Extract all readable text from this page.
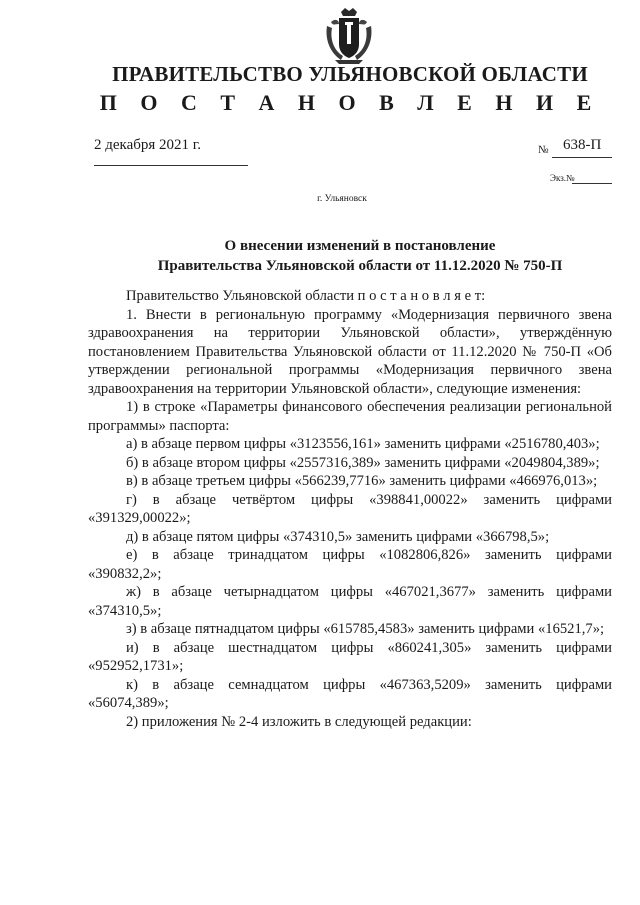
ПРАВИТЕЛЬСТВО УЛЬЯНОВСКОЙ ОБЛАСТИ
П О С Т А Н О В Л Е Н И Е
2 декабря 2021 г.	№ 638-П
Экз.№
г. Ульяновск
О внесении изменений в постановление
Правительства Ульяновской области от 11.12.2020 № 750-П

Правительство Ульяновской области п о с т а н о в л я е т:

1. Внести в региональную программу «Модернизация первичного звена здравоохранения на территории Ульяновской области», утверждённую постановлением Правительства Ульяновской области от 11.12.2020 № 750-П «Об утверждении региональной программы «Модернизация первичного звена здравоохранения на территории Ульяновской области», следующие изменения:

1) в строке «Параметры финансового обеспечения реализации региональной программы» паспорта:

а) в абзаце первом цифры «3123556,161» заменить цифрами «2516780,403»;

б) в абзаце втором цифры «2557316,389» заменить цифрами «2049804,389»;

в) в абзаце третьем цифры «566239,7716» заменить цифрами «466976,013»;

г) в абзаце четвёртом цифры «398841,00022» заменить цифрами «391329,00022»;

д) в абзаце пятом цифры «374310,5» заменить цифрами «366798,5»;

е) в абзаце тринадцатом цифры «1082806,826» заменить цифрами «390832,2»;

ж) в абзаце четырнадцатом цифры «467021,3677» заменить цифрами «374310,5»;

з) в абзаце пятнадцатом цифры «615785,4583» заменить цифрами «16521,7»;

и) в абзаце шестнадцатом цифры «860241,305» заменить цифрами «952952,1731»;

к) в абзаце семнадцатом цифры «467363,5209» заменить цифрами «56074,389»;

2) приложения № 2-4 изложить в следующей редакции:
